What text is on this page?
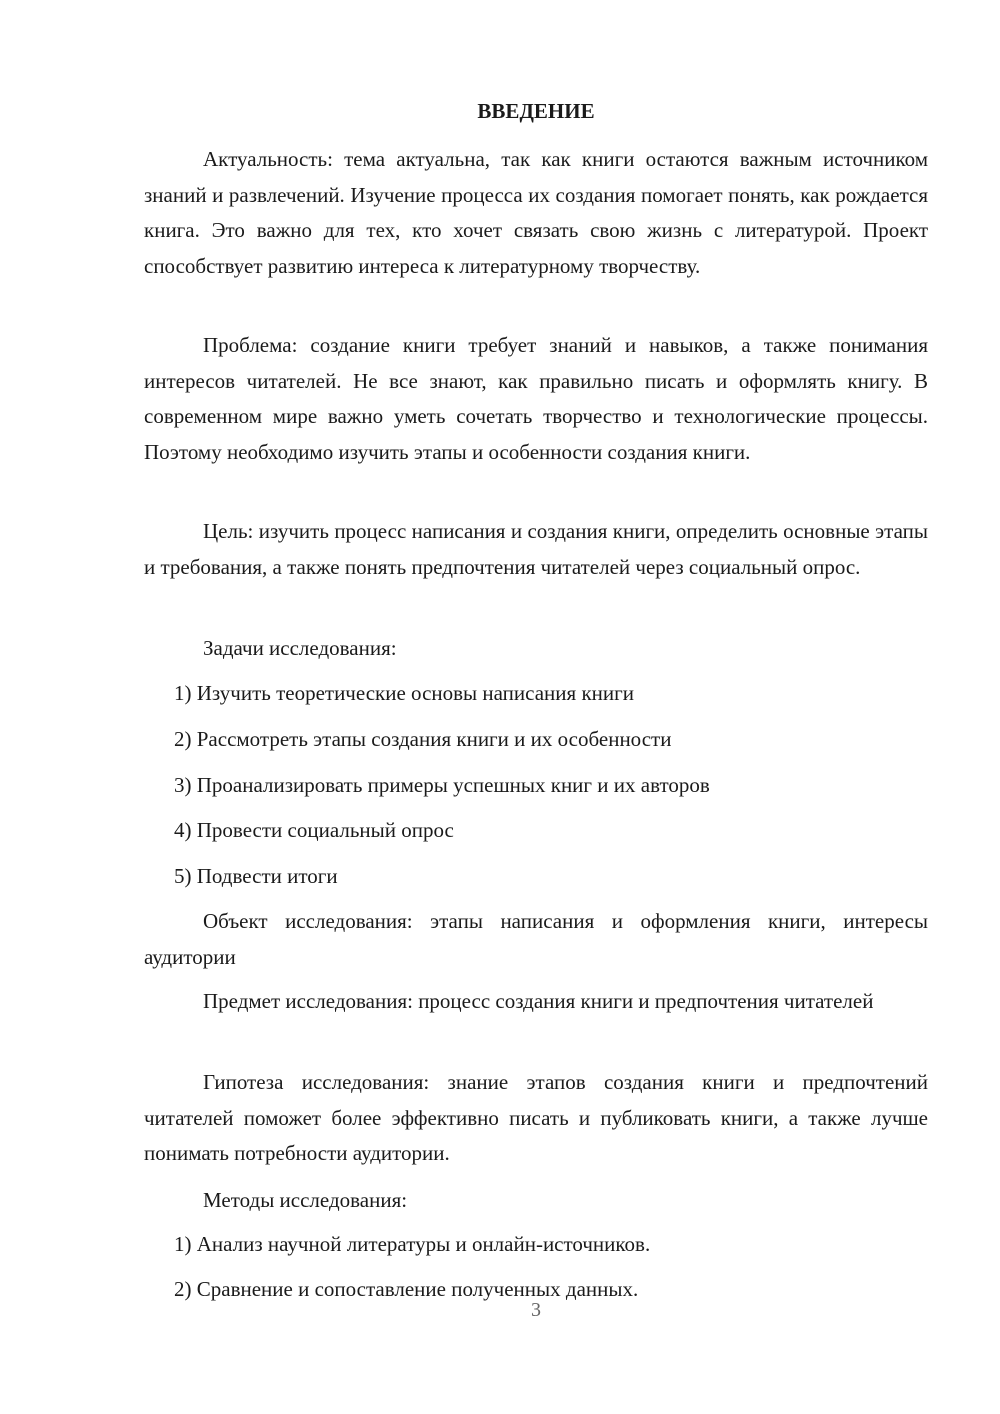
ВВЕДЕНИЕ

Актуальность: тема актуальна, так как книги остаются важным источником знаний и развлечений. Изучение процесса их создания помогает понять, как рождается книга. Это важно для тех, кто хочет связать свою жизнь с литературой. Проект способствует развитию интереса к литературному творчеству.

Проблема: создание книги требует знаний и навыков, а также понимания интересов читателей. Не все знают, как правильно писать и оформлять книгу. В современном мире важно уметь сочетать творчество и технологические процессы. Поэтому необходимо изучить этапы и особенности создания книги.

Цель: изучить процесс написания и создания книги, определить основные этапы и требования, а также понять предпочтения читателей через социальный опрос.

Задачи исследования:
1) Изучить теоретические основы написания книги
2) Рассмотреть этапы создания книги и их особенности
3) Проанализировать примеры успешных книг и их авторов
4) Провести социальный опрос
5) Подвести итоги

Объект исследования: этапы написания и оформления книги, интересы аудитории

Предмет исследования: процесс создания книги и предпочтения читателей

Гипотеза исследования: знание этапов создания книги и предпочтений читателей поможет более эффективно писать и публиковать книги, а также лучше понимать потребности аудитории.

Методы исследования:
1) Анализ научной литературы и онлайн-источников.
2) Сравнение и сопоставление полученных данных.
3
